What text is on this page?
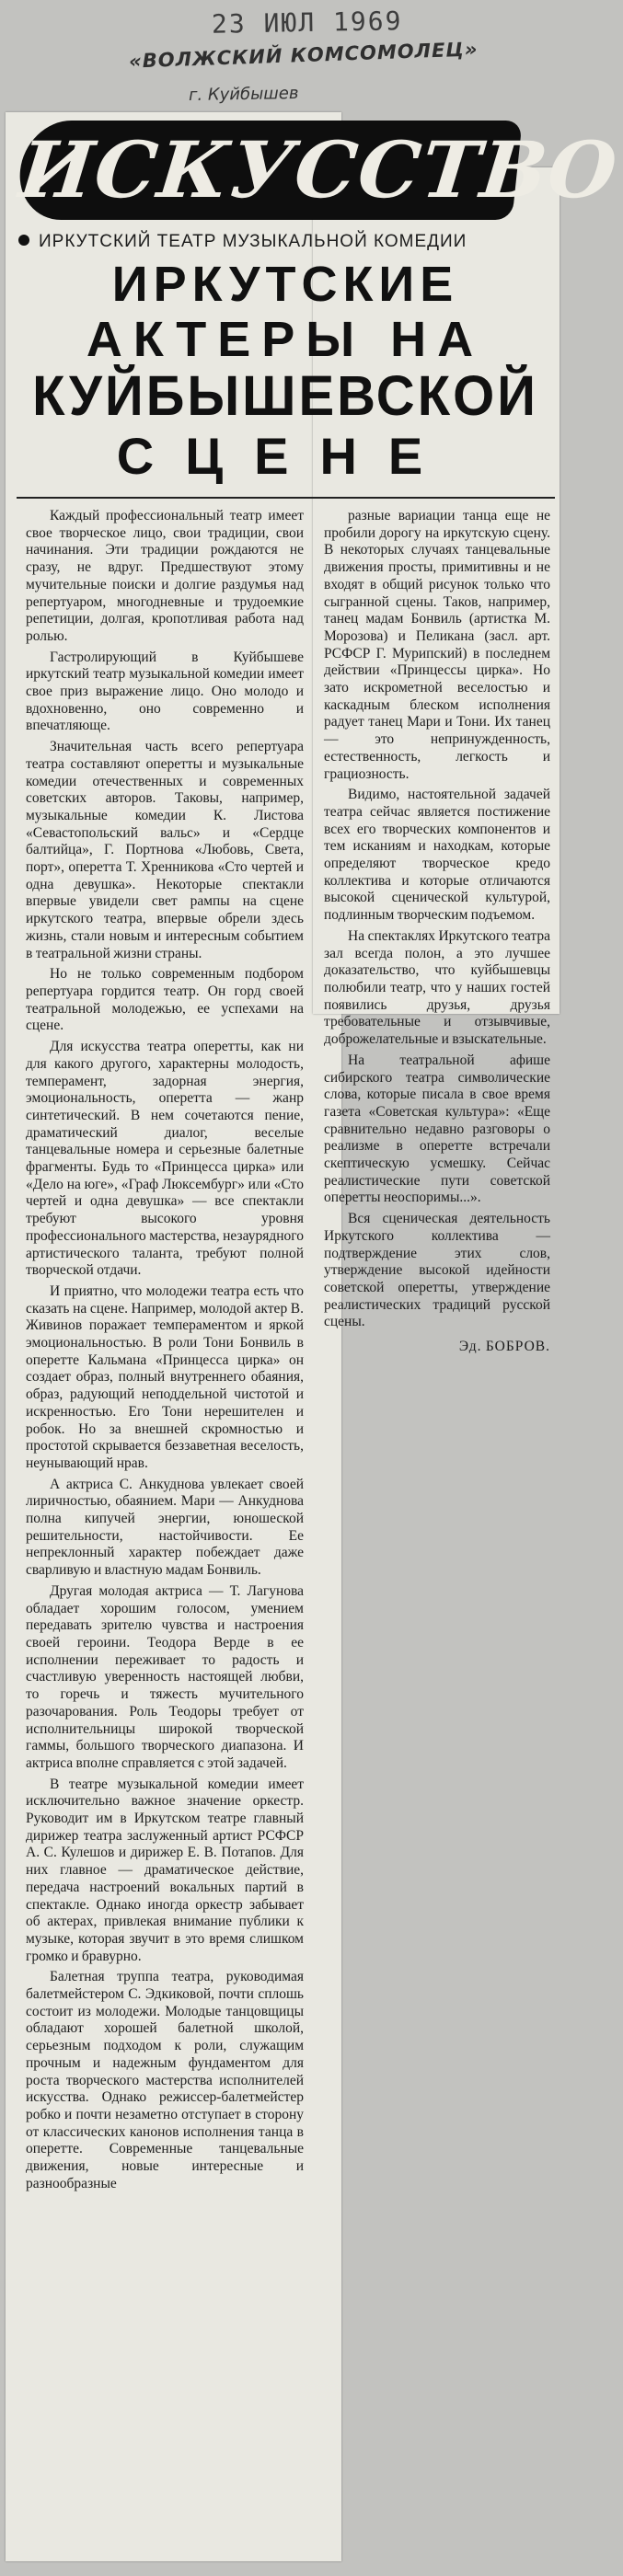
23 ИЮЛ 1969
«ВОЛЖСКИЙ КОМСОМОЛЕЦ»
г. Куйбышев
ИСКУССТВО
ИРКУТСКИЙ ТЕАТР МУЗЫКАЛЬНОЙ КОМЕДИИ
ИРКУТСКИЕ
АКТЕРЫ НА
КУЙБЫШЕВСКОЙ
СЦЕНЕ

Каждый профессиональный театр имеет свое творческое лицо, свои традиции, свои начинания. Эти традиции рождаются не сразу, не вдруг. Предшествуют этому мучительные поиски и долгие раздумья над репертуаром, многодневные и трудоемкие репетиции, долгая, кропотливая работа над ролью.

Гастролирующий в Куйбышеве иркутский театр музыкальной комедии имеет свое приз выражение лицо. Оно молодо и вдохновенно, оно современно и впечатляюще.

Значительная часть всего репертуара театра составляют оперетты и музыкальные комедии отечественных и современных советских авторов. Таковы, например, музыкальные комедии К. Листова «Севастопольский вальс» и «Сердце балтийца», Г. Портнова «Любовь, Света, порт», оперетта Т. Хренникова «Сто чертей и одна девушка». Некоторые спектакли впервые увидели свет рампы на сцене иркутского театра, впервые обрели здесь жизнь, стали новым и интересным событием в театральной жизни страны.

Но не только современным подбором репертуара гордится театр. Он горд своей театральной молодежью, ее успехами на сцене.

Для искусства театра оперетты, как ни для какого другого, характерны молодость, темперамент, задорная энергия, эмоциональность, оперетта — жанр синтетический. В нем сочетаются пение, драматический диалог, веселые танцевальные номера и серьезные балетные фрагменты. Будь то «Принцесса цирка» или «Дело на юге», «Граф Люксембург» или «Сто чертей и одна девушка» — все спектакли требуют высокого уровня профессионального мастерства, незаурядного артистического таланта, требуют полной творческой отдачи.

И приятно, что молодежи театра есть что сказать на сцене. Например, молодой актер В. Живинов поражает темпераментом и яркой эмоциональностью. В роли Тони Бонвиль в оперетте Кальмана «Принцесса цирка» он создает образ, полный внутреннего обаяния, образ, радующий неподдельной чистотой и искренностью. Его Тони нерешителен и робок. Но за внешней скромностью и простотой скрывается беззаветная веселость, неунывающий нрав.

А актриса С. Анкуднова увлекает своей лиричностью, обаянием. Мари — Анкуднова полна кипучей энергии, юношеской решительности, настойчивости. Ее непреклонный характер побеждает даже сварливую и властную мадам Бонвиль.

Другая молодая актриса — Т. Лагунова обладает хорошим голосом, умением передавать зрителю чувства и настроения своей героини. Теодора Верде в ее исполнении переживает то радость и счастливую уверенность настоящей любви, то горечь и тяжесть мучительного разочарования. Роль Теодоры требует от исполнительницы широкой творческой гаммы, большого творческого диапазона. И актриса вполне справляется с этой задачей.

В театре музыкальной комедии имеет исключительно важное значение оркестр. Руководит им в Иркутском театре главный дирижер театра заслуженный артист РСФСР А. С. Кулешов и дирижер Е. В. Потапов. Для них главное — драматическое действие, передача настроений вокальных партий в спектакле. Однако иногда оркестр забывает об актерах, привлекая внимание публики к музыке, которая звучит в это время слишком громко и бравурно.

Балетная труппа театра, руководимая балетмейстером С. Эдкиковой, почти сплошь состоит из молодежи. Молодые танцовщицы обладают хорошей балетной школой, серьезным подходом к роли, служащим прочным и надежным фундаментом для роста творческого мастерства исполнителей искусства. Однако режиссер-балетмейстер робко и почти незаметно отступает в сторону от классических канонов исполнения танца в оперетте. Современные танцевальные движения, новые интересные и разнообразные

разные вариации танца еще не пробили дорогу на иркутскую сцену. В некоторых случаях танцевальные движения просты, примитивны и не входят в общий рисунок только что сыгранной сцены. Таков, например, танец мадам Бонвиль (артистка М. Морозова) и Пеликана (засл. арт. РСФСР Г. Мурипский) в последнем действии «Принцессы цирка». Но зато искрометной веселостью и каскадным блеском исполнения радует танец Мари и Тони. Их танец — это непринужденность, естественность, легкость и грациозность.

Видимо, настоятельной задачей театра сейчас является постижение всех его творческих компонентов и тем исканиям и находкам, которые определяют творческое кредо коллектива и которые отличаются высокой сценической культурой, подлинным творческим подъемом.

На спектаклях Иркутского театра зал всегда полон, а это лучшее доказательство, что куйбышевцы полюбили театр, что у наших гостей появились друзья, друзья требовательные и отзывчивые, доброжелательные и взыскательные.

На театральной афише сибирского театра символические слова, которые писала в свое время газета «Советская культура»: «Еще сравнительно недавно разговоры о реализме в оперетте встречали скептическую усмешку. Сейчас реалистические пути советской оперетты неоспоримы...».

Вся сценическая деятельность Иркутского коллектива — подтверждение этих слов, утверждение высокой идейности советской оперетты, утверждение реалистических традиций русской сцены.

Эд. БОБРОВ.
